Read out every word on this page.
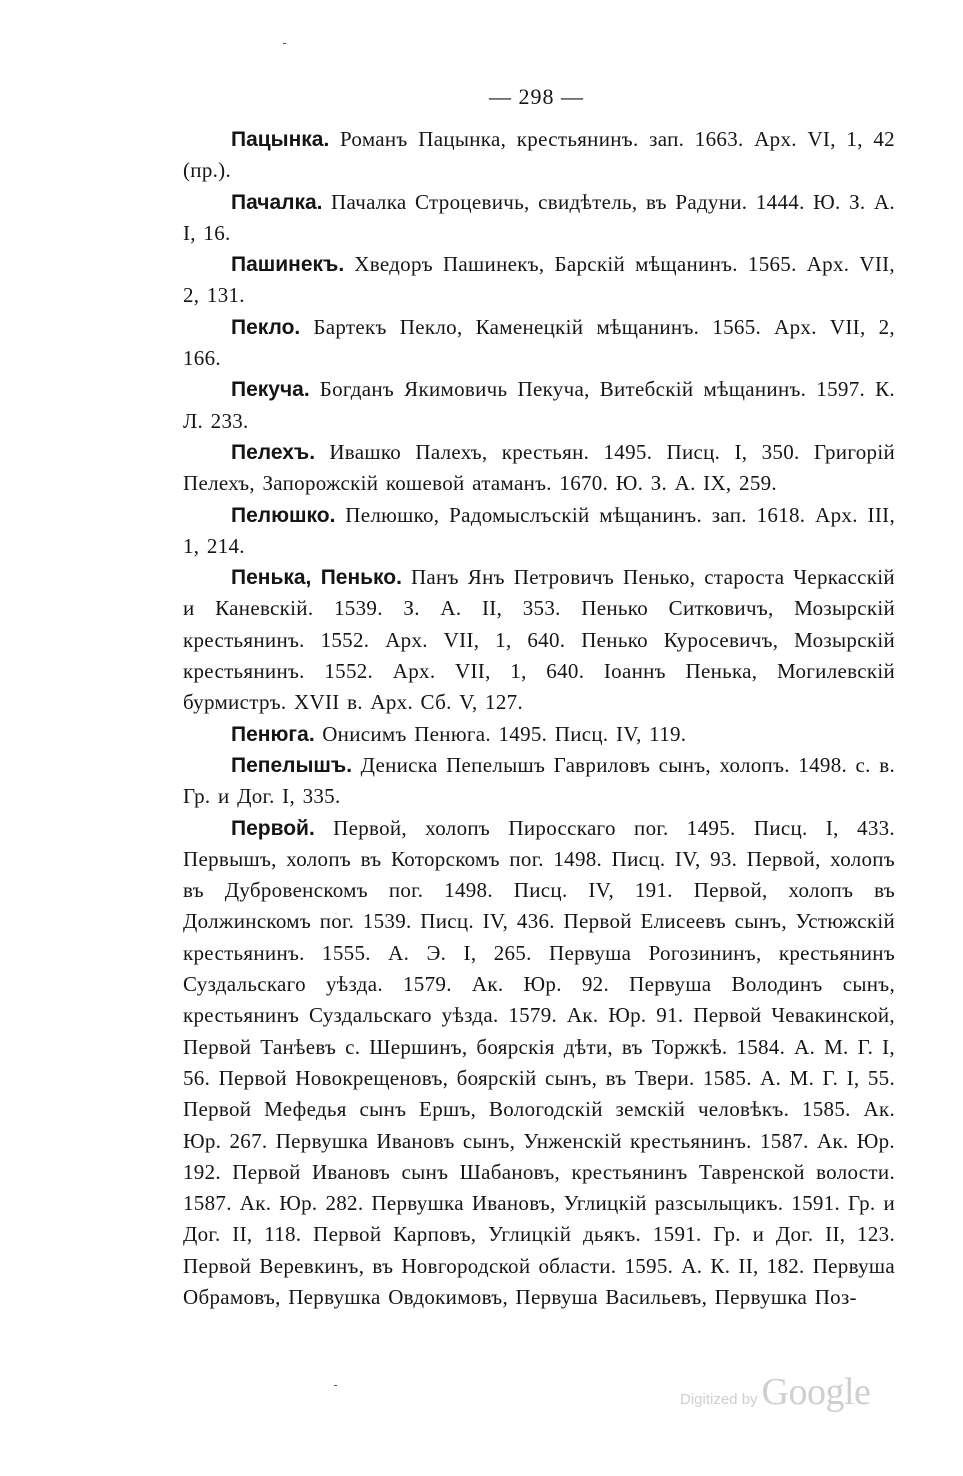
— 298 —

Пацынка. Романъ Пацынка, крестьянинъ. зап. 1663. Арх. VI, 1, 42 (пр.).

Пачалка. Пачалка Строцевичь, свидѣтель, въ Радуни. 1444. Ю. З. А. I, 16.

Пашинекъ. Хведоръ Пашинекъ, Барскій мѣщанинъ. 1565. Арх. VII, 2, 131.

Пекло. Бартекъ Пекло, Каменецкій мѣщанинъ. 1565. Арх. VII, 2, 166.

Пекуча. Богданъ Якимовичь Пекуча, Витебскій мѣщанинъ. 1597. К. Л. 233.

Пелехъ. Ивашко Палехъ, крестьян. 1495. Писц. I, 350. Григорій Пелехъ, Запорожскій кошевой атаманъ. 1670. Ю. З. А. IX, 259.

Пелюшко. Пелюшко, Радомыслъскій мѣщанинъ. зап. 1618. Арх. III, 1, 214.

Пенька, Пенько. Панъ Янъ Петровичъ Пенько, староста Черкасскій и Каневскій. 1539. З. А. II, 353. Пенько Ситковичъ, Мозырскій крестьянинъ. 1552. Арх. VII, 1, 640. Пенько Куросевичъ, Мозырскій крестьянинъ. 1552. Арх. VII, 1, 640. Іоаннъ Пенька, Могилевскій бурмистръ. XVII в. Арх. Сб. V, 127.

Пенюга. Онисимъ Пенюга. 1495. Писц. IV, 119.

Пепелышъ. Дениска Пепелышъ Гавриловъ сынъ, холопъ. 1498. с. в. Гр. и Дог. I, 335.

Первой. Первой, холопъ Пиросскаго пог. 1495. Писц. I, 433. Первышъ, холопъ въ Которскомъ пог. 1498. Писц. IV, 93. Первой, холопъ въ Дубровенскомъ пог. 1498. Писц. IV, 191. Первой, холопъ въ Должинскомъ пог. 1539. Писц. IV, 436. Первой Елисеевъ сынъ, Устюжскій крестьянинъ. 1555. А. Э. I, 265. Первуша Рогозининъ, крестьянинъ Суздальскаго уѣзда. 1579. Ак. Юр. 92. Первуша Володинъ сынъ, крестьянинъ Суздальскаго уѣзда. 1579. Ак. Юр. 91. Первой Чевакинской, Первой Танѣевъ с. Шершинъ, боярскія дѣти, въ Торжкѣ. 1584. А. М. Г. I, 56. Первой Новокрещеновъ, боярскій сынъ, въ Твери. 1585. А. М. Г. I, 55. Первой Мефедья сынъ Ершъ, Вологодскій земскій человѣкъ. 1585. Ак. Юр. 267. Первушка Ивановъ сынъ, Унженскій крестьянинъ. 1587. Ак. Юр. 192. Первой Ивановъ сынъ Шабановъ, крестьянинъ Тавренской волости. 1587. Ак. Юр. 282. Первушка Ивановъ, Углицкій разсылыцикъ. 1591. Гр. и Дог. II, 118. Первой Карповъ, Углицкій дьякъ. 1591. Гр. и Дог. II, 123. Первой Веревкинъ, въ Новгородской области. 1595. А. К. II, 182. Первуша Обрамовъ, Первушка Овдокимовъ, Первуша Васильевъ, Первушка Поз-

Digitized by Google
